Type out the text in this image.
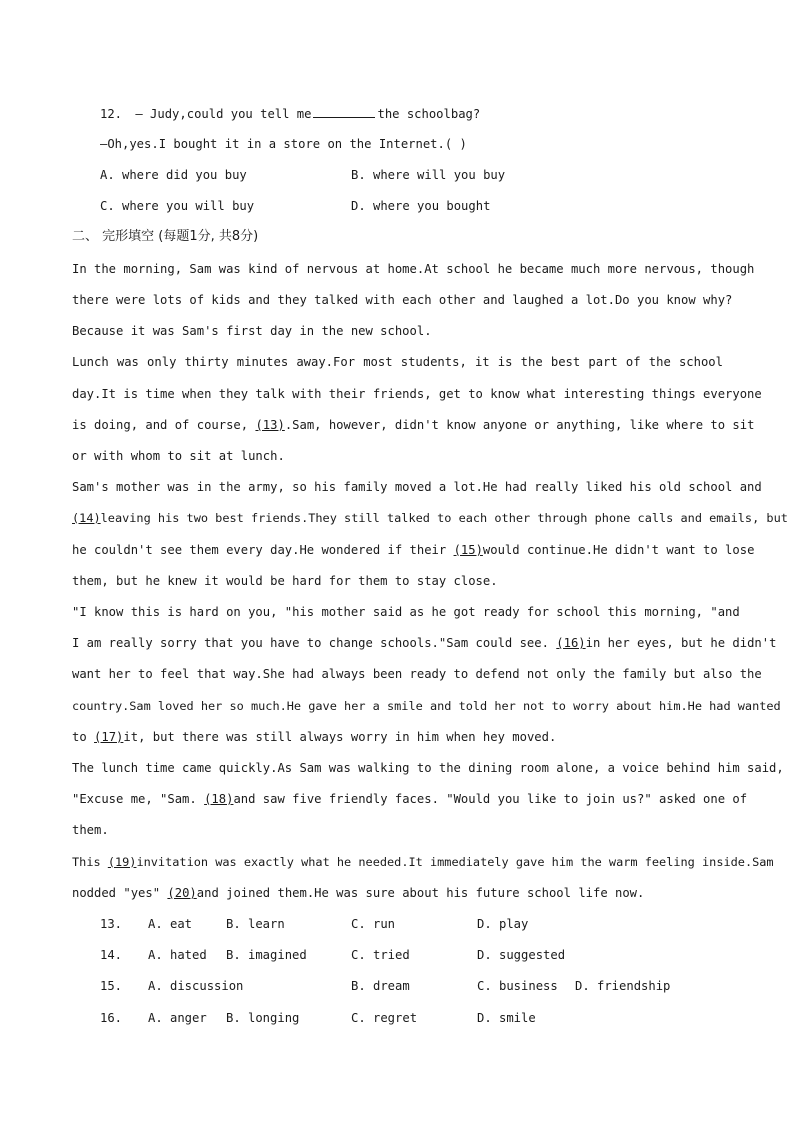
12. — Judy,could you tell me	the schoolbag?
—Oh,yes.I bought it in a store on the Internet.( )
A. where did you buy	B. where will you buy
C. where you will buy	D. where you bought
二、 完形填空 (每题1分, 共8分)
In the morning, Sam was kind of nervous at home.At school he became much more nervous, though
there were lots of kids and they talked with each other and laughed a lot.Do you know why?
Because it was Sam's first day in the new school.
Lunch was only thirty minutes away.For most students, it is the best part of the school
day.It is time when they talk with their friends, get to know what interesting things everyone
is doing, and of course, (13).Sam, however, didn't know anyone or anything, like where to sit
or with whom to sit at lunch.
Sam's mother was in the army, so his family moved a lot.He had really liked his old school and
(14)leaving his two best friends.They still talked to each other through phone calls and emails, but
he couldn't see them every day.He wondered if their (15)would continue.He didn't want to lose
them, but he knew it would be hard for them to stay close.
"I know this is hard on you, "his mother said as he got ready for school this morning, "and
I am really sorry that you have to change schools."Sam could see. (16)in her eyes, but he didn't
want her to feel that way.She had always been ready to defend not only the family but also the
country.Sam loved her so much.He gave her a smile and told her not to worry about him.He had wanted
to (17)it, but there was still always worry in him when hey moved.
The lunch time came quickly.As Sam was walking to the dining room alone, a voice behind him said,
"Excuse me, "Sam. (18)and saw five friendly faces. "Would you like to join us?" asked one of
them.
This (19)invitation was exactly what he needed.It immediately gave him the warm feeling inside.Sam
nodded "yes" (20)and joined them.He was sure about his future school life now.
13. A. eat	B. learn	C. run	D. play
14. A. hated B. imagined	C. tried	D. suggested
15. A. discussion	B. dream	C. business D. friendship
16. A. anger B. longing	C. regret	D. smile
